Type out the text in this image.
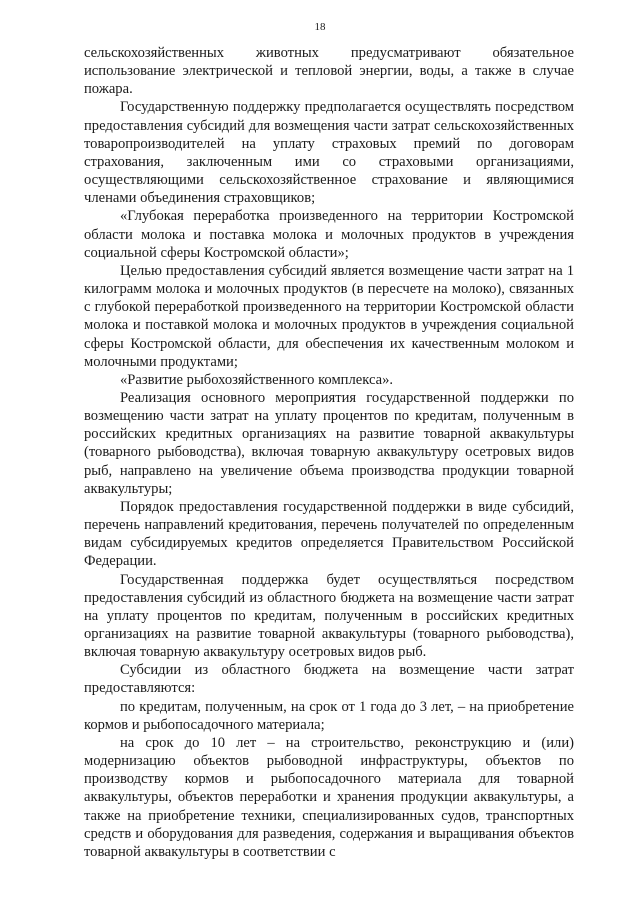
18

сельскохозяйственных животных предусматривают обязательное использование электрической и тепловой энергии, воды, а также в случае пожара.

Государственную поддержку предполагается осуществлять посредством предоставления субсидий для возмещения части затрат сельскохозяйственных товаропроизводителей на уплату страховых премий по договорам страхования, заключенным ими со страховыми организациями, осуществляющими сельскохозяйственное страхование и являющимися членами объединения страховщиков;

«Глубокая переработка произведенного на территории Костромской области молока и поставка молока и молочных продуктов в учреждения социальной сферы Костромской области»;

Целью предоставления субсидий является возмещение части затрат на 1 килограмм молока и молочных продуктов (в пересчете на молоко), связанных с глубокой переработкой произведенного на территории Костромской области молока и поставкой молока и молочных продуктов в учреждения социальной сферы Костромской области, для обеспечения их качественным молоком и молочными продуктами;

«Развитие рыбохозяйственного комплекса».

Реализация основного мероприятия государственной поддержки по возмещению части затрат на уплату процентов по кредитам, полученным в российских кредитных организациях на развитие товарной аквакультуры (товарного рыбоводства), включая товарную аквакультуру осетровых видов рыб, направлено на увеличение объема производства продукции товарной аквакультуры;

Порядок предоставления государственной поддержки в виде субсидий, перечень направлений кредитования, перечень получателей по определенным видам субсидируемых кредитов определяется Правительством Российской Федерации.

Государственная поддержка будет осуществляться посредством предоставления субсидий из областного бюджета на возмещение части затрат на уплату процентов по кредитам, полученным в российских кредитных организациях на развитие товарной аквакультуры (товарного рыбоводства), включая товарную аквакультуру осетровых видов рыб.

Субсидии из областного бюджета на возмещение части затрат предоставляются:

по кредитам, полученным, на срок от 1 года до 3 лет, – на приобретение кормов и рыбопосадочного материала;

на срок до 10 лет – на строительство, реконструкцию и (или) модернизацию объектов рыбоводной инфраструктуры, объектов по производству кормов и рыбопосадочного материала для товарной аквакультуры, объектов переработки и хранения продукции аквакультуры, а также на приобретение техники, специализированных судов, транспортных средств и оборудования для разведения, содержания и выращивания объектов товарной аквакультуры в соответствии с
